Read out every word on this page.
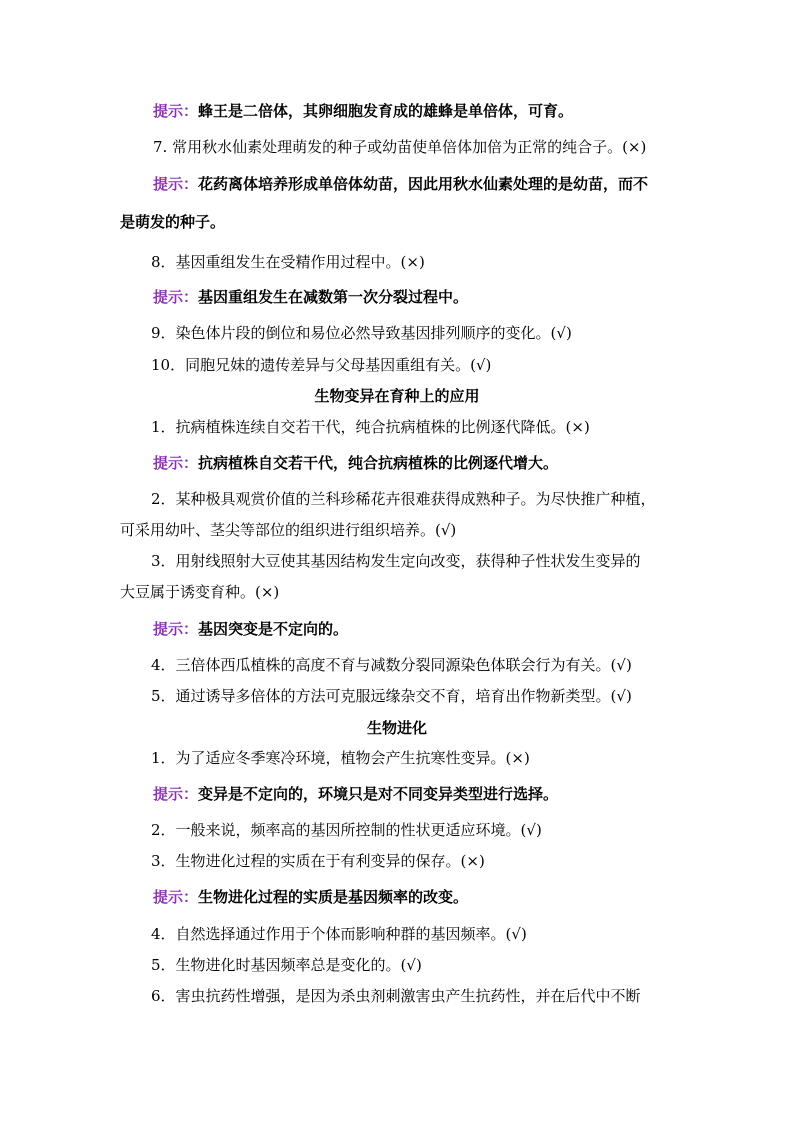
提示：蜂王是二倍体，其卵细胞发育成的雄蜂是单倍体，可育。
7. 常用秋水仙素处理萌发的种子或幼苗使单倍体加倍为正常的纯合子。(×)
提示：花药离体培养形成单倍体幼苗，因此用秋水仙素处理的是幼苗，而不
是萌发的种子。
8．基因重组发生在受精作用过程中。(×)
提示：基因重组发生在减数第一次分裂过程中。
9．染色体片段的倒位和易位必然导致基因排列顺序的变化。(√)
10．同胞兄妹的遗传差异与父母基因重组有关。(√)
生物变异在育种上的应用
1．抗病植株连续自交若干代，纯合抗病植株的比例逐代降低。(×)
提示：抗病植株自交若干代，纯合抗病植株的比例逐代增大。
2．某种极具观赏价值的兰科珍稀花卉很难获得成熟种子。为尽快推广种植，
可采用幼叶、茎尖等部位的组织进行组织培养。(√)
3．用射线照射大豆使其基因结构发生定向改变，获得种子性状发生变异的
大豆属于诱变育种。(×)
提示：基因突变是不定向的。
4．三倍体西瓜植株的高度不育与减数分裂同源染色体联会行为有关。(√)
5．通过诱导多倍体的方法可克服远缘杂交不育，培育出作物新类型。(√)
生物进化
1．为了适应冬季寒冷环境，植物会产生抗寒性变异。(×)
提示：变异是不定向的，环境只是对不同变异类型进行选择。
2．一般来说，频率高的基因所控制的性状更适应环境。(√)
3．生物进化过程的实质在于有利变异的保存。(×)
提示：生物进化过程的实质是基因频率的改变。
4．自然选择通过作用于个体而影响种群的基因频率。(√)
5．生物进化时基因频率总是变化的。(√)
6．害虫抗药性增强，是因为杀虫剂刺激害虫产生抗药性，并在后代中不断
